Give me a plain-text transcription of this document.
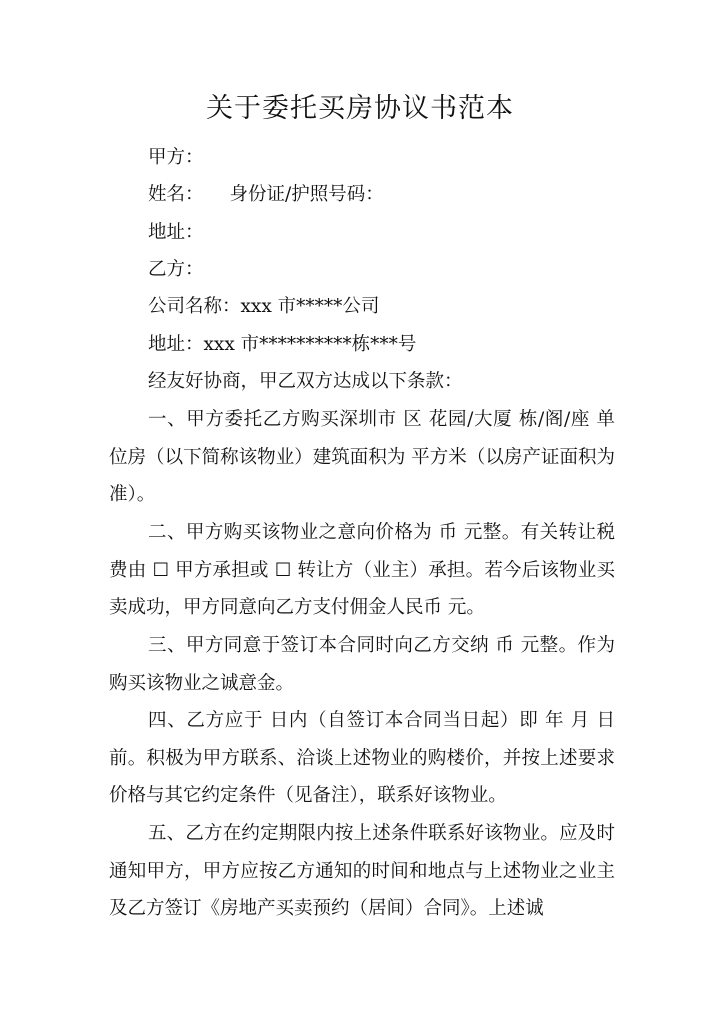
关于委托买房协议书范本

甲方：

姓名： 身份证/护照号码：

地址：

乙方：

公司名称：xxx 市*****公司

地址：xxx 市**********栋***号

经友好协商，甲乙双方达成以下条款：

一、甲方委托乙方购买深圳市 区 花园/大厦 栋/阁/座 单位房（以下简称该物业）建筑面积为 平方米（以房产证面积为准）。

二、甲方购买该物业之意向价格为 币 元整。有关转让税费由 ☐ 甲方承担或 ☐ 转让方（业主）承担。若今后该物业买卖成功，甲方同意向乙方支付佣金人民币 元。

三、甲方同意于签订本合同时向乙方交纳 币 元整。作为购买该物业之诚意金。

四、乙方应于 日内（自签订本合同当日起）即 年 月 日 前。积极为甲方联系、洽谈上述物业的购楼价，并按上述要求价格与其它约定条件（见备注），联系好该物业。

五、乙方在约定期限内按上述条件联系好该物业。应及时通知甲方，甲方应按乙方通知的时间和地点与上述物业之业主及乙方签订《房地产买卖预约（居间）合同》。上述诚
